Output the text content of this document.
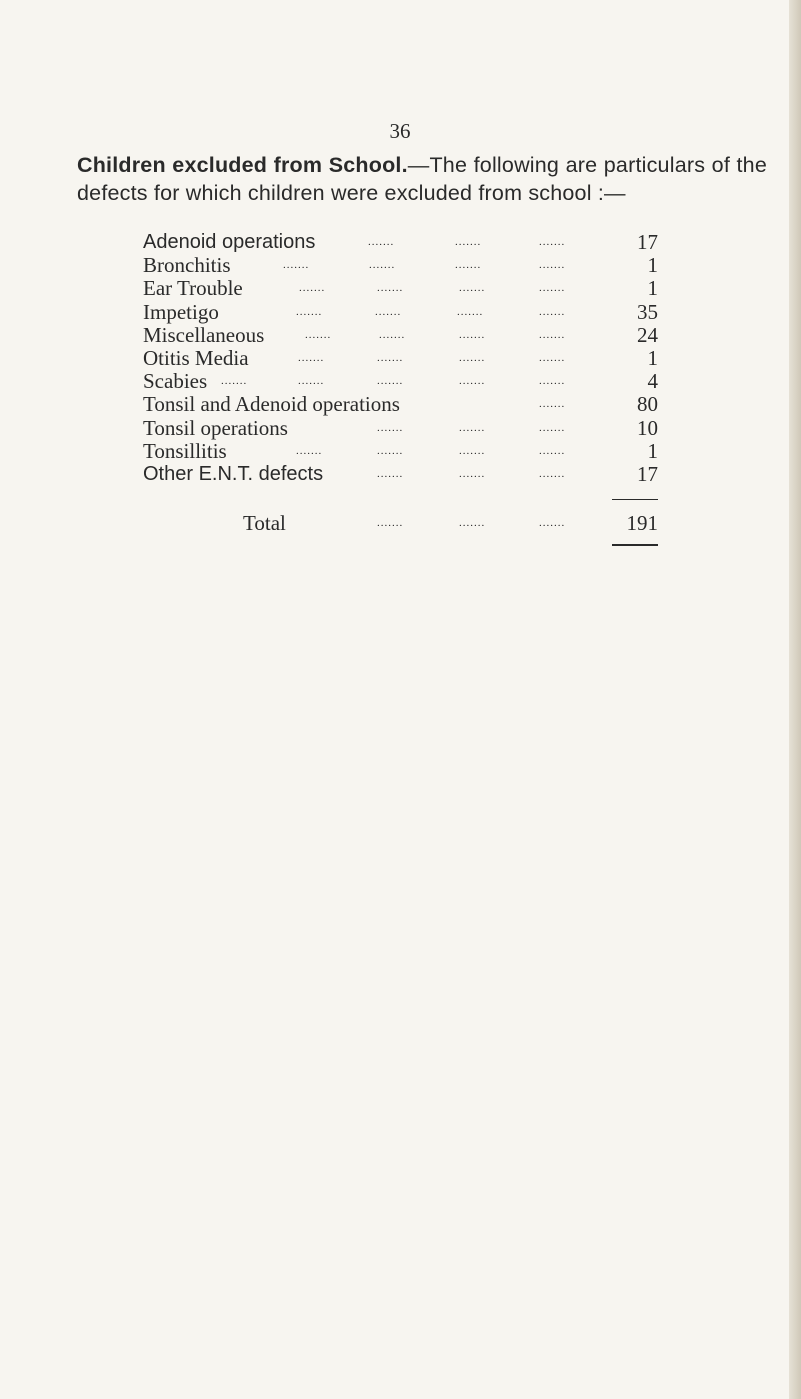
36
Children excluded from School.—The following are particulars of the defects for which children were excluded from school :—
Adenoid operations	.......	.......	.......	17
Bronchitis	.......	.......	.......	.......	1
Ear Trouble	.......	.......	.......	.......	1
Impetigo	.......	.......	.......	.......	35
Miscellaneous	.......	.......	.......	.......	24
Otitis Media	.......	.......	.......	.......	1
Scabies .......	.......	.......	.......	.......	4
Tonsil and Adenoid operations	.......	80
Tonsil operations	.......	.......	.......	10
Tonsillitis	.......	.......	.......	.......	1
Other E.N.T. defects	.......	.......	.......	17
Total	.......	.......	.......	191
